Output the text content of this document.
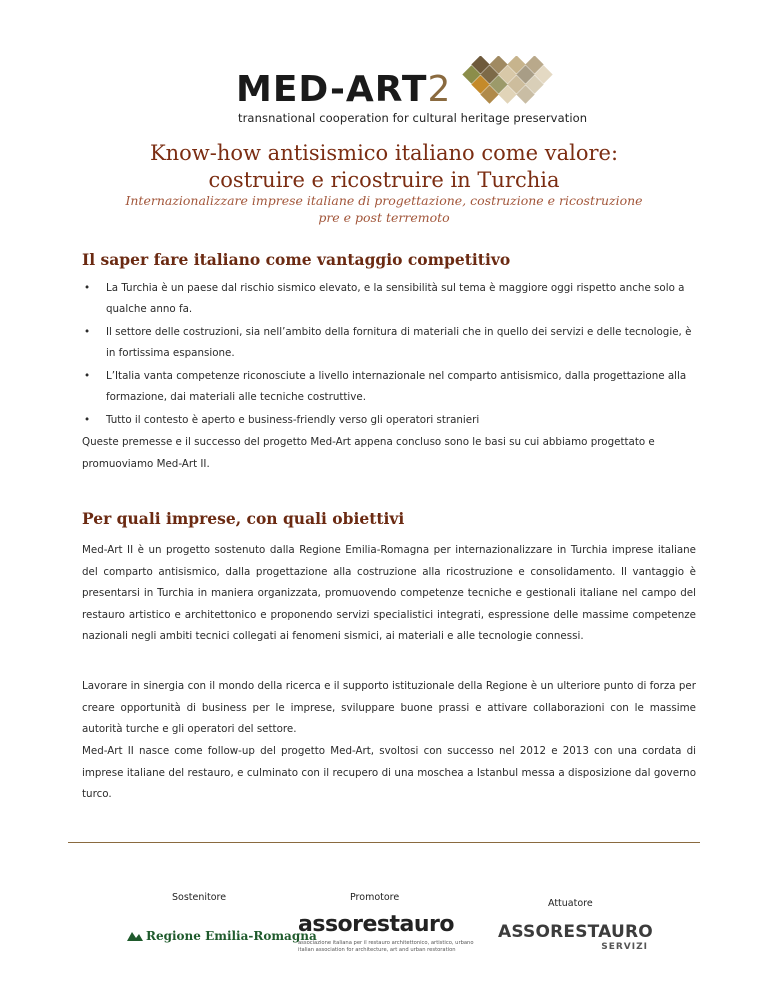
MED-ART2
transnational cooperation for cultural heritage preservation
Know-how antisismico italiano come valore:
costruire e ricostruire in Turchia
Internazionalizzare imprese italiane di progettazione, costruzione e ricostruzione
pre e post terremoto
Il saper fare italiano come vantaggio competitivo
• La Turchia è un paese dal rischio sismico elevato, e la sensibilità sul tema è maggiore oggi rispetto anche solo a qualche anno fa.
• Il settore delle costruzioni, sia nell’ambito della fornitura di materiali che in quello dei servizi e delle tecnologie, è in fortissima espansione.
• L’Italia vanta competenze riconosciute a livello internazionale nel comparto antisismico, dalla progettazione alla formazione, dai materiali alle tecniche costruttive.
• Tutto il contesto è aperto e business-friendly verso gli operatori stranieri

Queste premesse e il successo del progetto Med-Art appena concluso sono le basi su cui abbiamo progettato e promuoviamo Med-Art II.

Per quali imprese, con quali obiettivi

Med-Art II è un progetto sostenuto dalla Regione Emilia-Romagna per internazionalizzare in Turchia imprese italiane del comparto antisismico, dalla progettazione alla costruzione alla ricostruzione e consolidamento. Il vantaggio è presentarsi in Turchia in maniera organizzata, promuovendo competenze tecniche e gestionali italiane nel campo del restauro artistico e architettonico e proponendo servizi specialistici integrati, espressione delle massime competenze nazionali negli ambiti tecnici collegati ai fenomeni sismici, ai materiali e alle tecnologie connessi.

Lavorare in sinergia con il mondo della ricerca e il supporto istituzionale della Regione è un ulteriore punto di forza per creare opportunità di business per le imprese, sviluppare buone prassi e attivare collaborazioni con le massime autorità turche e gli operatori del settore.

Med-Art II nasce come follow-up del progetto Med-Art, svoltosi con successo nel 2012 e 2013 con una cordata di imprese italiane del restauro, e culminato con il recupero di una moschea a Istanbul messa a disposizione dal governo turco.

Sostenitore	Promotore
Attuatore
Regione Emilia-Romagna
assorestauro
associazione italiana per il restauro architettonico, artistico, urbano
italian association for architecture, art and urban restoration
ASSORESTAURO
SERVIZI
